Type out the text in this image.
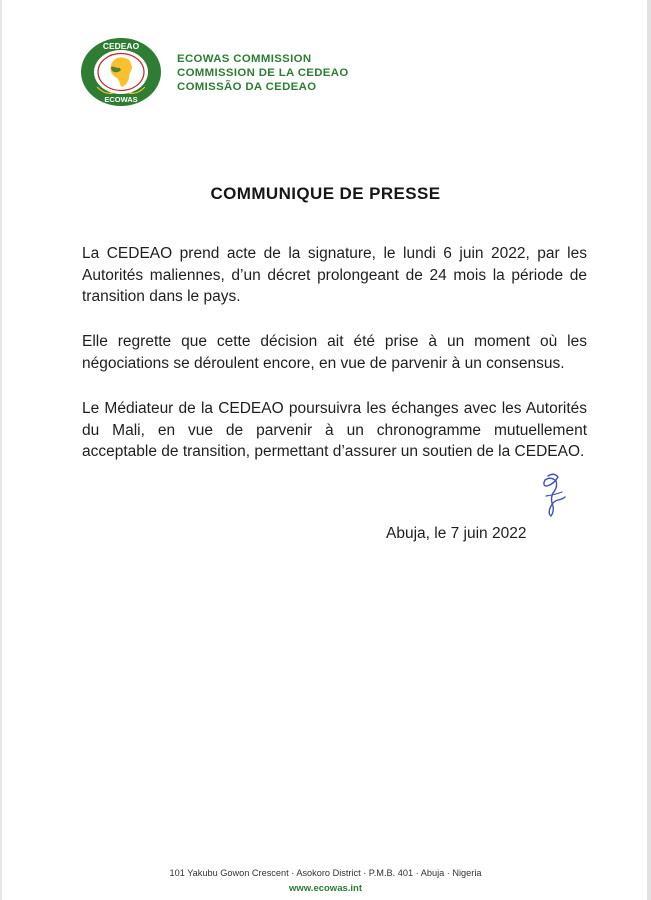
CEDEAO
ECOWAS
ECOWAS COMMISSION
COMMISSION DE LA CEDEAO
COMISSÃO DA CEDEAO
COMMUNIQUE DE PRESSE
La CEDEAO prend acte de la signature, le lundi 6 juin 2022, par les Autorités maliennes, d’un décret prolongeant de 24 mois la période de transition dans le pays.
Elle regrette que cette décision ait été prise à un moment où les négociations se déroulent encore, en vue de parvenir à un consensus.
Le Médiateur de la CEDEAO poursuivra les échanges avec les Autorités du Mali, en vue de parvenir à un chronogramme mutuellement acceptable de transition, permettant d’assurer un soutien de la CEDEAO.
Abuja, le 7 juin 2022
101 Yakubu Gowon Crescent · Asokoro District · P.M.B. 401 · Abuja · Nigeria
www.ecowas.int
